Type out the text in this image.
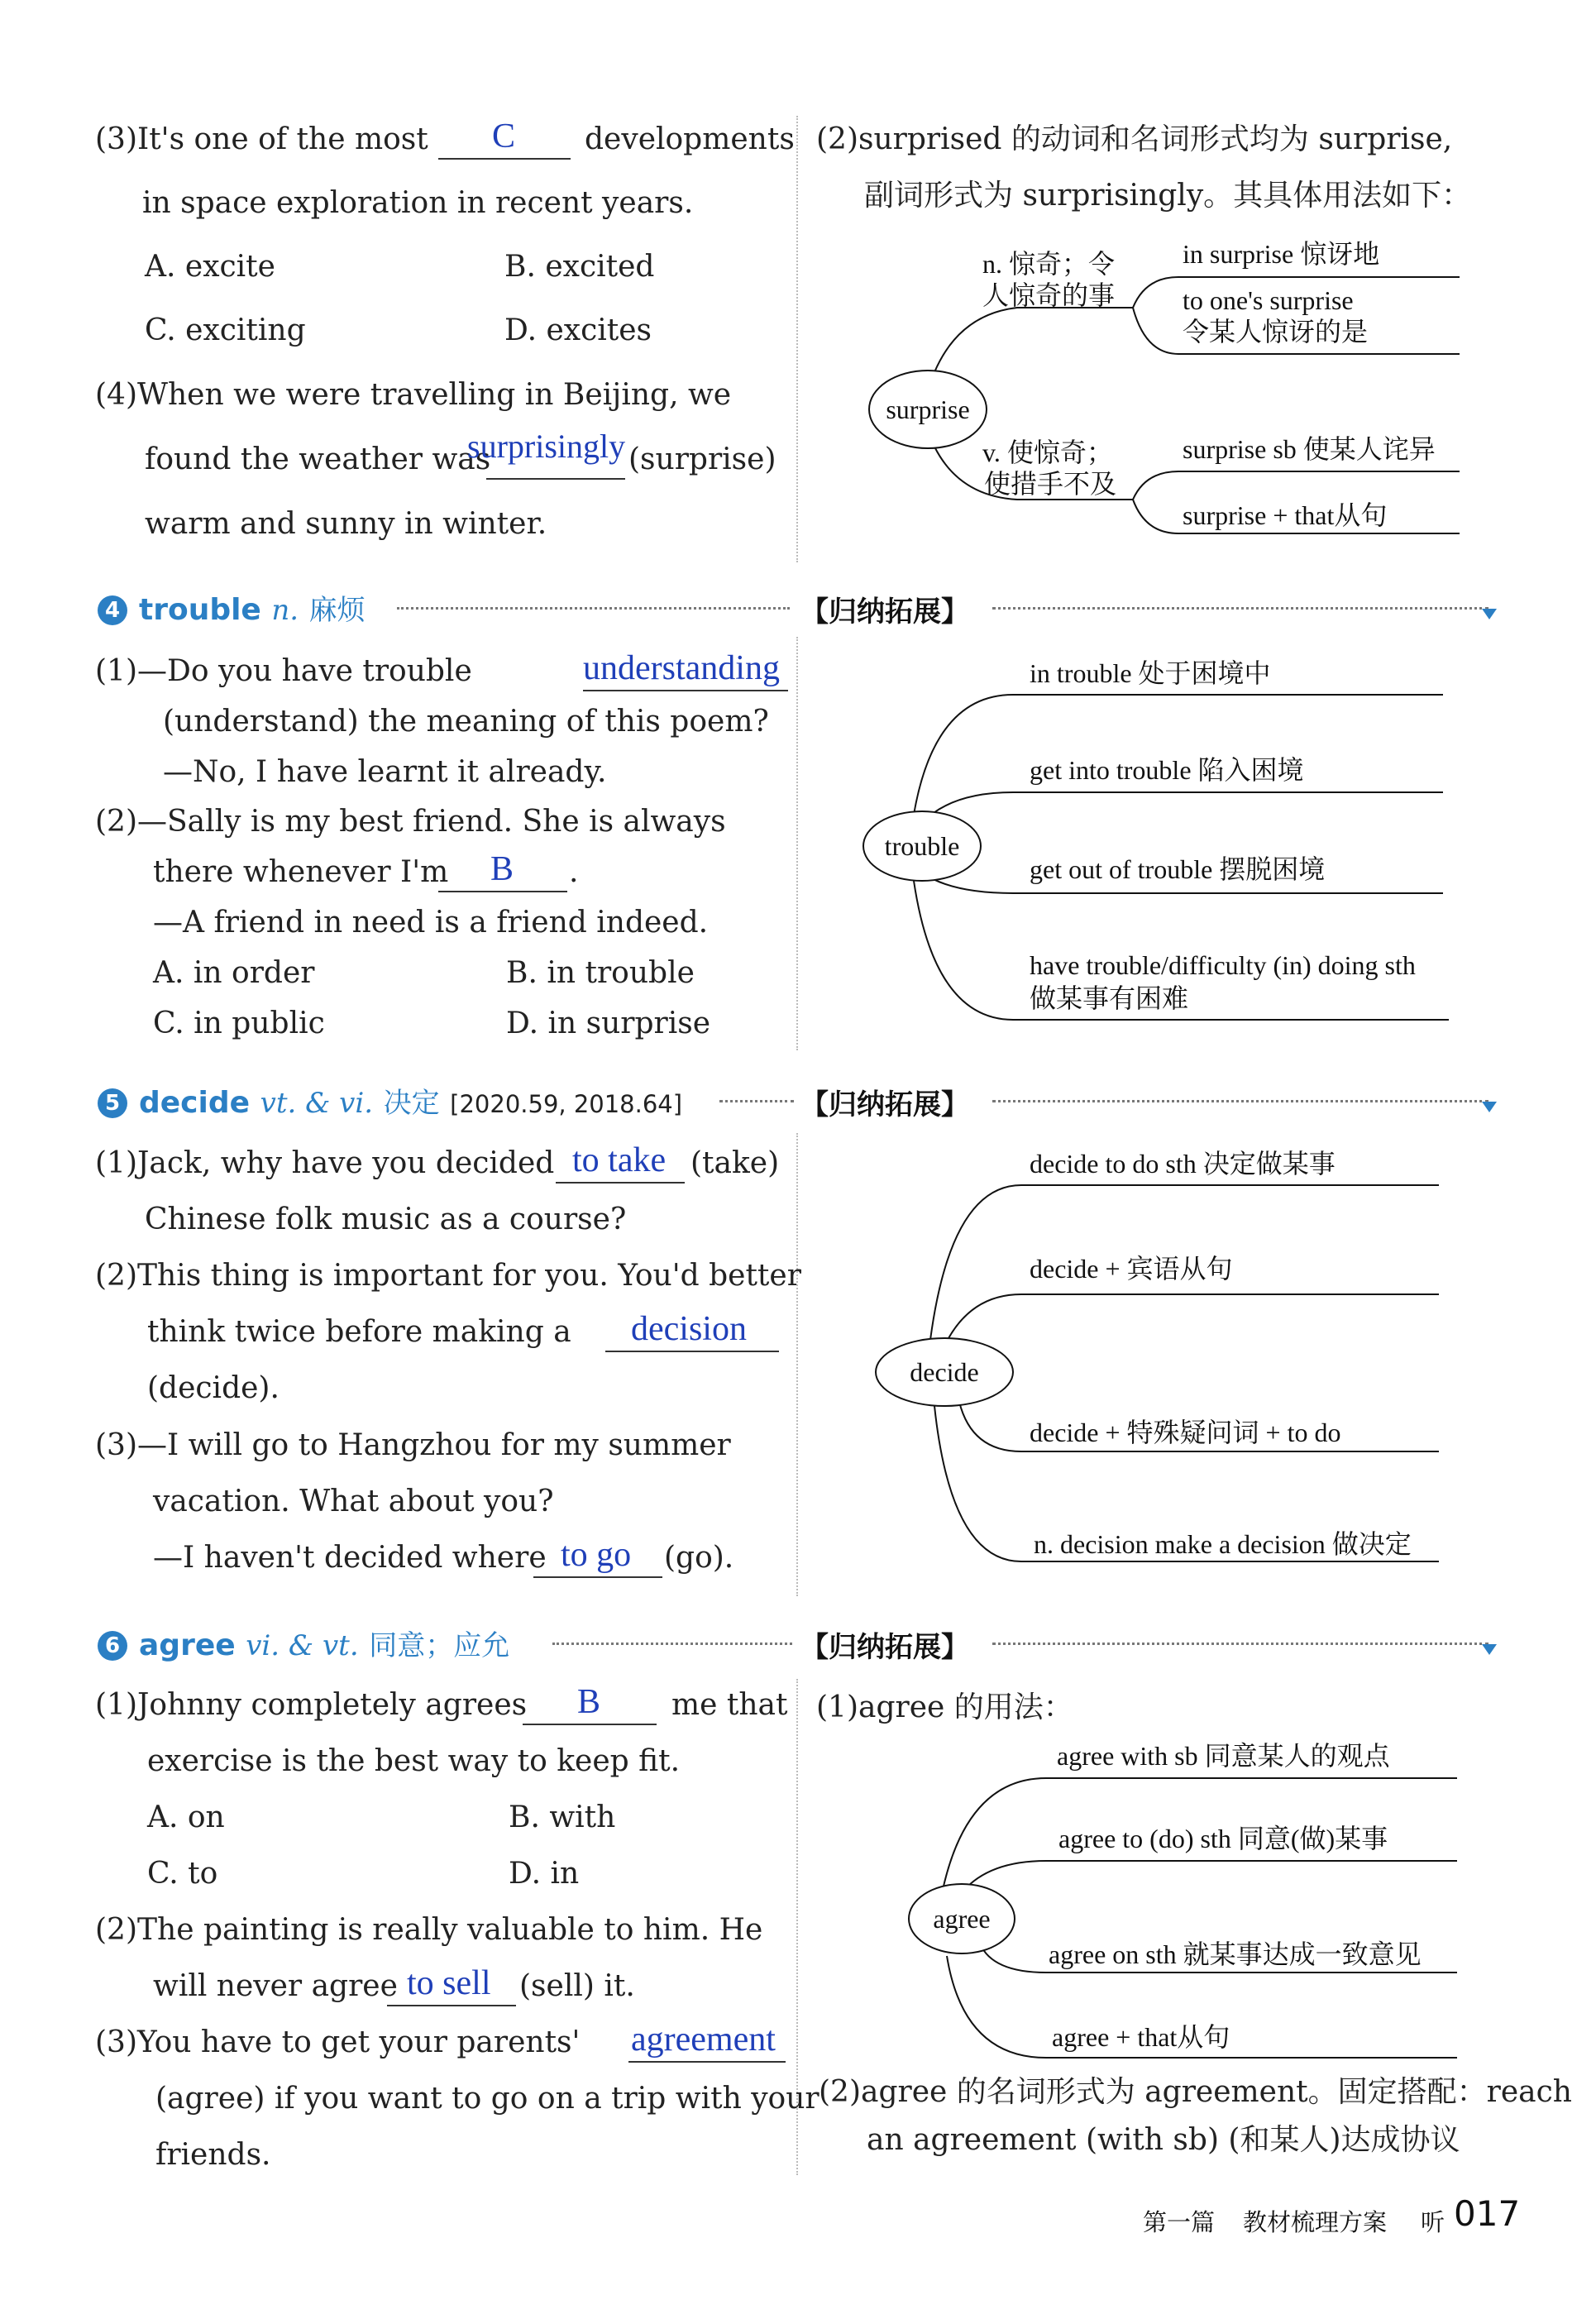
(3)It's one of the most C developments
in space exploration in recent years.
A. excite	B. excited
C. exciting	D. excites
(4)When we were travelling in Beijing, we
found the weather was
surprisingly (surprise)
warm and sunny in winter.
(2)surprised 的动词和名词形式均为 surprise,
副词形式为 surprisingly。其具体用法如下：
surprise
n. 惊奇；令
人惊奇的事
in surprise 惊讶地
to one's surprise
令某人惊讶的是
v. 使惊奇；
使措手不及
surprise sb 使某人诧异
surprise + that从句
4 trouble n. 麻烦	【归纳拓展】
(1)—Do you have trouble	understanding
(understand) the meaning of this poem?
—No, I have learnt it already.
(2)—Sally is my best friend. She is always
there whenever I'm B .
—A friend in need is a friend indeed.
A. in order	B. in trouble
C. in public	D. in surprise
trouble
in trouble 处于困境中
get into trouble 陷入困境
get out of trouble 摆脱困境
have trouble/difficulty (in) doing sth
做某事有困难
5 decide vt. & vi. 决定 [2020.59, 2018.64]	【归纳拓展】
(1)Jack, why have you decided to take (take)
Chinese folk music as a course?
(2)This thing is important for you. You'd better
think twice before making a decision
(decide).
(3)—I will go to Hangzhou for my summer
vacation. What about you?
—I haven't decided where to go (go).
decide
decide to do sth 决定做某事
decide + 宾语从句
decide + 特殊疑问词 + to do
n. decision make a decision 做决定
6 agree vi. & vt. 同意；应允	【归纳拓展】
(1)Johnny completely agrees B me that
exercise is the best way to keep fit.
A. on	B. with
C. to	D. in
(2)The painting is really valuable to him. He
will never agree to sell (sell) it.
(3)You have to get your parents' agreement
(agree) if you want to go on a trip with your
friends.
(1)agree 的用法：
agree
agree with sb 同意某人的观点
agree to (do) sth 同意(做)某事
agree on sth 就某事达成一致意见
agree + that从句
(2)agree 的名词形式为 agreement。固定搭配：reach
an agreement (with sb) (和某人)达成协议
第一篇 教材梳理方案 听 017
